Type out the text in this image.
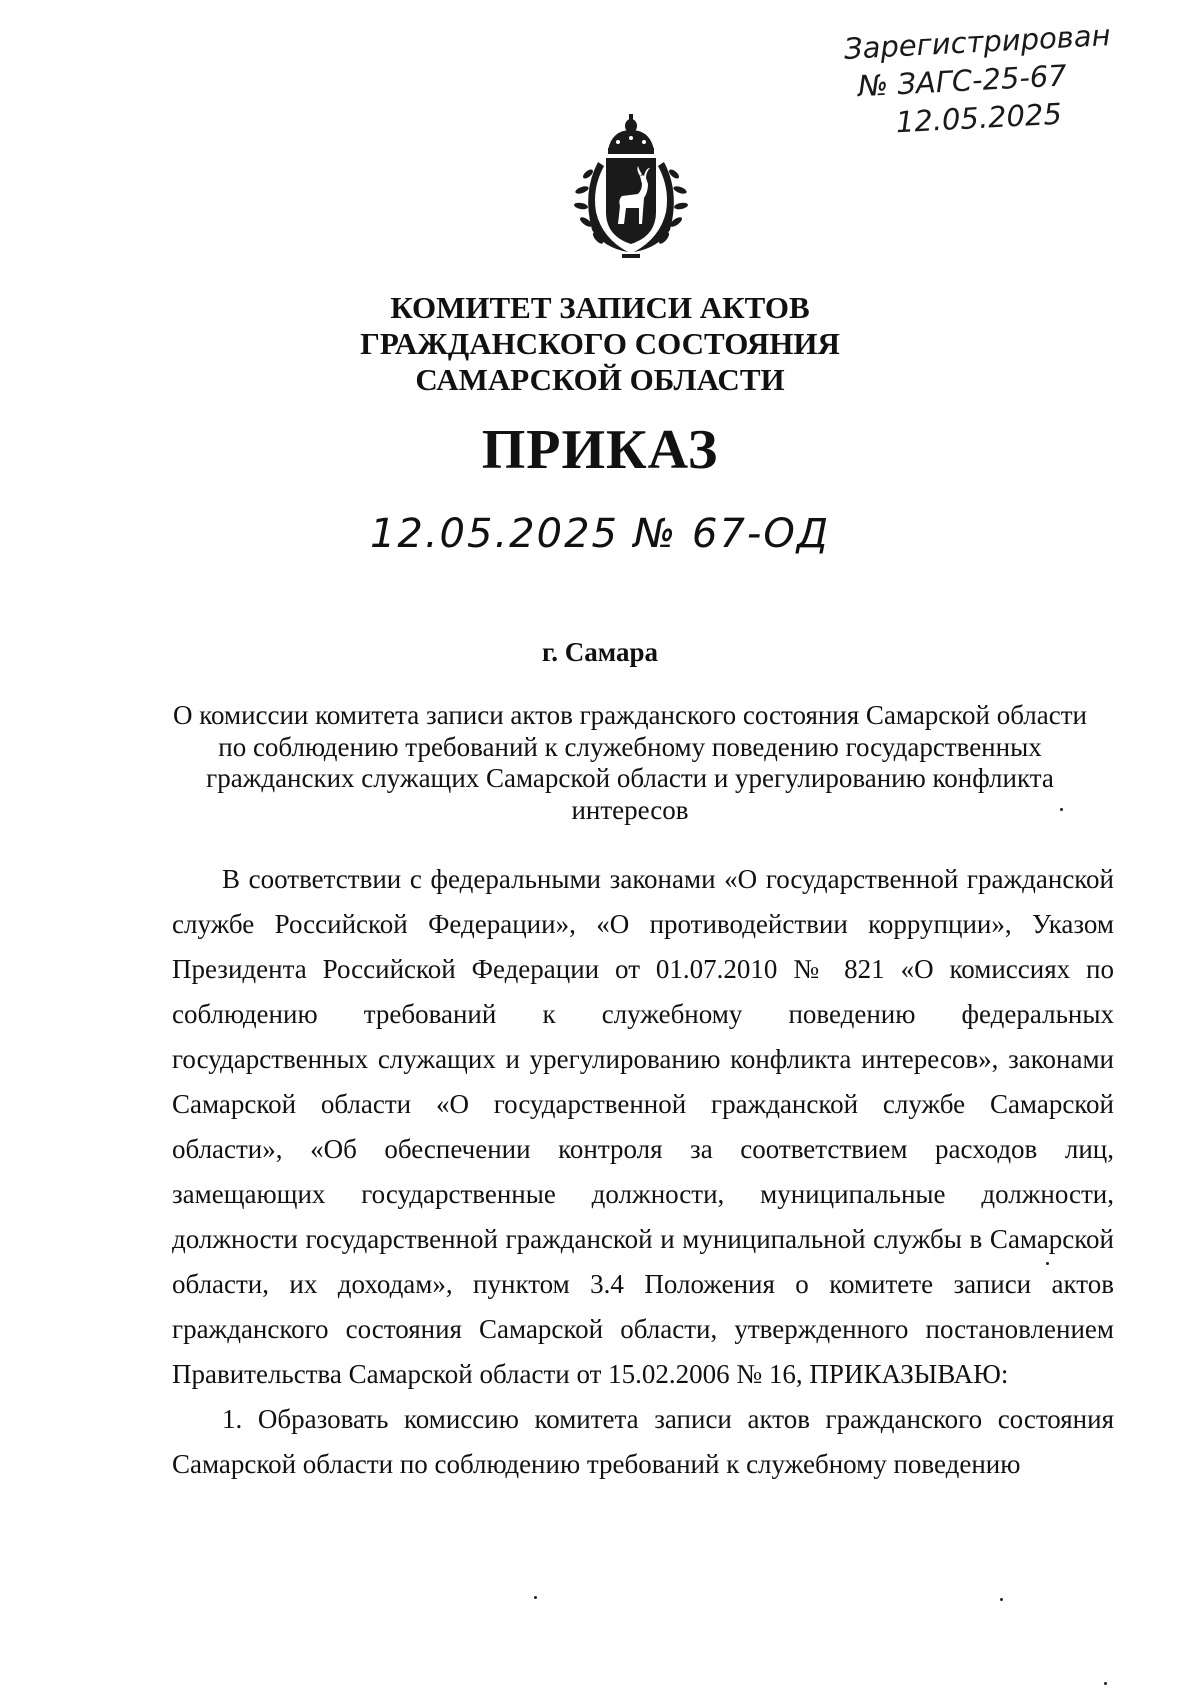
Зарегистрирован
№ ЗАГС-25-67
12.05.2025
КОМИТЕТ ЗАПИСИ АКТОВ
ГРАЖДАНСКОГО СОСТОЯНИЯ
САМАРСКОЙ ОБЛАСТИ
ПРИКАЗ
12.05.2025 № 67-ОД
г. Самара
О комиссии комитета записи актов гражданского состояния Самарской области по соблюдению требований к служебному поведению государственных гражданских служащих Самарской области и урегулированию конфликта интересов

В соответствии с федеральными законами «О государственной гражданской службе Российской Федерации», «О противодействии коррупции», Указом Президента Российской Федерации от 01.07.2010 № 821 «О комиссиях по соблюдению требований к служебному поведению федеральных государственных служащих и урегулированию конфликта интересов», законами Самарской области «О государственной гражданской службе Самарской области», «Об обеспечении контроля за соответствием расходов лиц, замещающих государственные должности, муниципальные должности, должности государственной гражданской и муниципальной службы в Самарской области, их доходам», пунктом 3.4 Положения о комитете записи актов гражданского состояния Самарской области, утвержденного постановлением Правительства Самарской области от 15.02.2006 № 16, ПРИКАЗЫВАЮ:

1. Образовать комиссию комитета записи актов гражданского состояния Самарской области по соблюдению требований к служебному поведению
